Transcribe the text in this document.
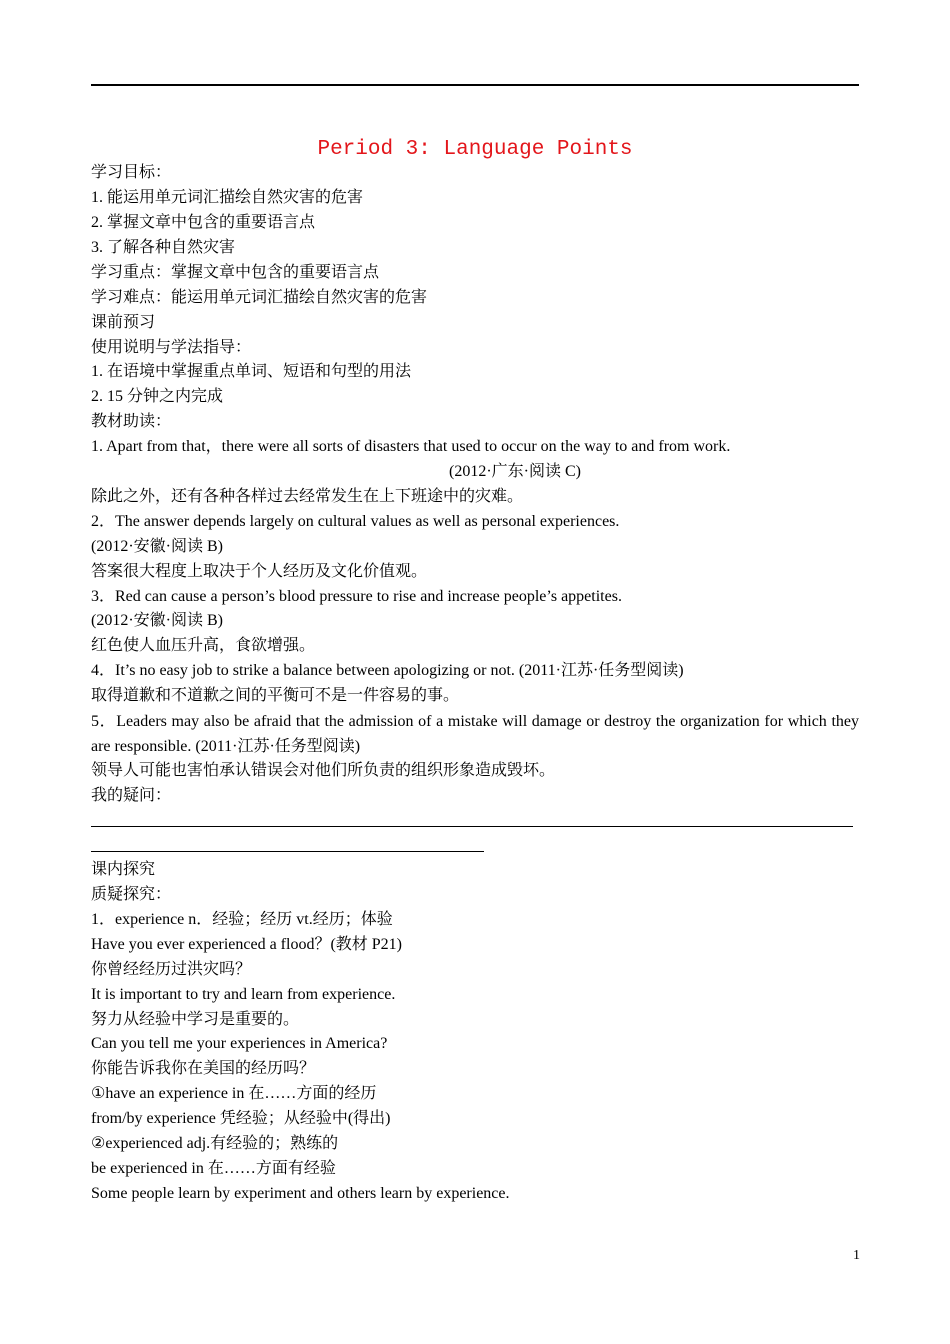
Period 3: Language Points
学习目标：
1. 能运用单元词汇描绘自然灾害的危害
2. 掌握文章中包含的重要语言点
3. 了解各种自然灾害
学习重点：掌握文章中包含的重要语言点
学习难点：能运用单元词汇描绘自然灾害的危害
课前预习
使用说明与学法指导：
1. 在语境中掌握重点单词、短语和句型的用法
2. 15 分钟之内完成
教材助读：
1. Apart from that，there were all sorts of disasters that used to occur on the way to and from work.
(2012·广东·阅读 C)
除此之外，还有各种各样过去经常发生在上下班途中的灾难。
2．The answer depends largely on cultural values as well as personal experiences.
(2012·安徽·阅读 B)
答案很大程度上取决于个人经历及文化价值观。
3．Red can cause a person’s blood pressure to rise and increase people’s appetites.
(2012·安徽·阅读 B)
红色使人血压升高，食欲增强。
4．It’s no easy job to strike a balance between apologizing or not. (2011·江苏·任务型阅读)
取得道歉和不道歉之间的平衡可不是一件容易的事。
5．Leaders may also be afraid that the admission of a mistake will damage or destroy the organization for which they are responsible. (2011·江苏·任务型阅读)
领导人可能也害怕承认错误会对他们所负责的组织形象造成毁坏。
我的疑问：
课内探究
质疑探究：
1．experience n．经验；经历 vt.经历；体验
Have you ever experienced a flood？(教材 P21)
你曾经经历过洪灾吗？
It is important to try and learn from experience.
努力从经验中学习是重要的。
Can you tell me your experiences in America?
你能告诉我你在美国的经历吗？
①have an experience in 在……方面的经历
from/by experience 凭经验；从经验中(得出)
②experienced adj.有经验的；熟练的
be experienced in 在……方面有经验
Some people learn by experiment and others learn by experience.
1
